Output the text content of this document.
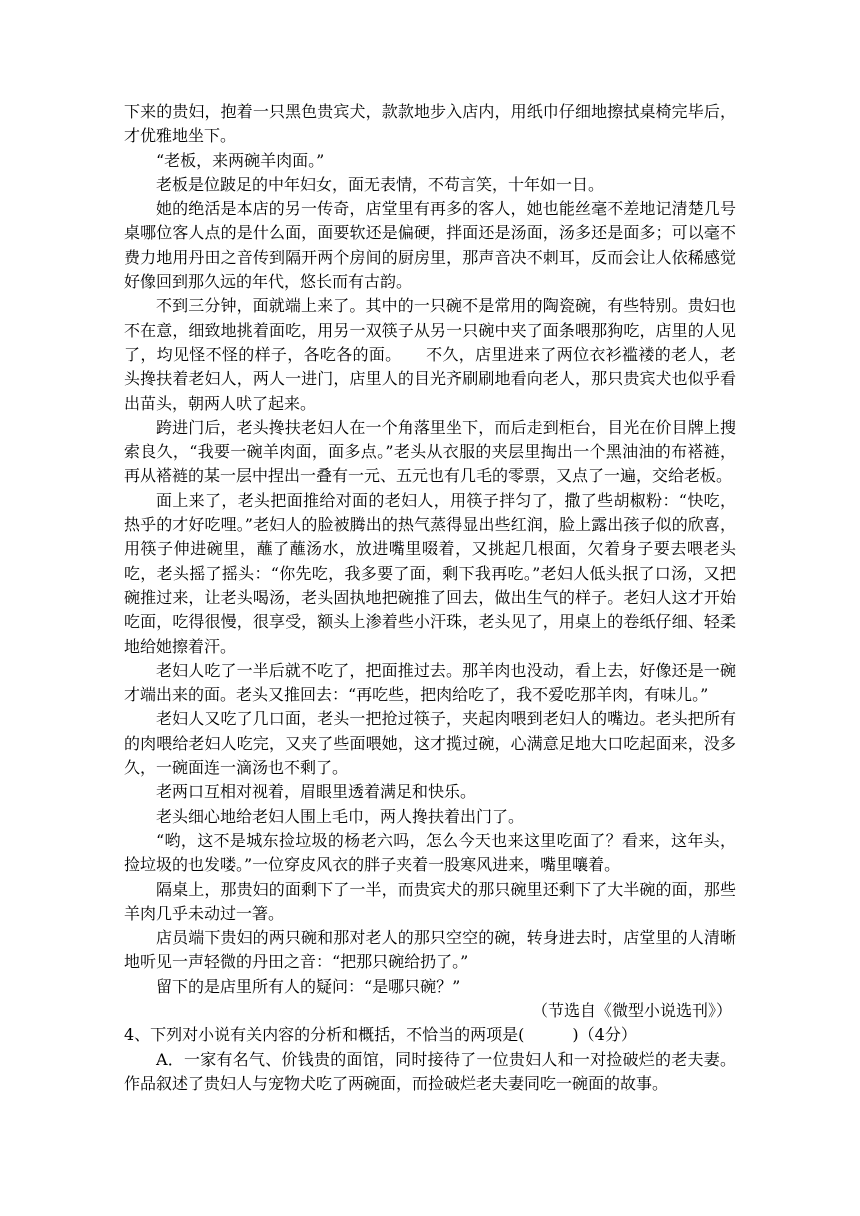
下来的贵妇，抱着一只黑色贵宾犬，款款地步入店内，用纸巾仔细地擦拭桌椅完毕后，才优雅地坐下。

“老板，来两碗羊肉面。”

老板是位跛足的中年妇女，面无表情，不苟言笑，十年如一日。

她的绝活是本店的另一传奇，店堂里有再多的客人，她也能丝毫不差地记清楚几号桌哪位客人点的是什么面，面要软还是偏硬，拌面还是汤面，汤多还是面多；可以毫不费力地用丹田之音传到隔开两个房间的厨房里，那声音决不刺耳，反而会让人依稀感觉好像回到那久远的年代，悠长而有古韵。

不到三分钟，面就端上来了。其中的一只碗不是常用的陶瓷碗，有些特别。贵妇也不在意，细致地挑着面吃，用另一双筷子从另一只碗中夹了面条喂那狗吃，店里的人见了，均见怪不怪的样子，各吃各的面。　　不久，店里进来了两位衣衫褴褛的老人，老头搀扶着老妇人，两人一进门，店里人的目光齐刷刷地看向老人，那只贵宾犬也似乎看出苗头，朝两人吠了起来。

跨进门后，老头搀扶老妇人在一个角落里坐下，而后走到柜台，目光在价目牌上搜索良久，“我要一碗羊肉面，面多点。”老头从衣服的夹层里掏出一个黑油油的布褡裢，再从褡裢的某一层中捏出一叠有一元、五元也有几毛的零票，又点了一遍，交给老板。

面上来了，老头把面推给对面的老妇人，用筷子拌匀了，撒了些胡椒粉：“快吃，热乎的才好吃哩。”老妇人的脸被腾出的热气蒸得显出些红润，脸上露出孩子似的欣喜，用筷子伸进碗里，蘸了蘸汤水，放进嘴里啜着，又挑起几根面，欠着身子要去喂老头吃，老头摇了摇头：“你先吃，我多要了面，剩下我再吃。”老妇人低头抿了口汤，又把碗推过来，让老头喝汤，老头固执地把碗推了回去，做出生气的样子。老妇人这才开始吃面，吃得很慢，很享受，额头上渗着些小汗珠，老头见了，用桌上的卷纸仔细、轻柔地给她擦着汗。

老妇人吃了一半后就不吃了，把面推过去。那羊肉也没动，看上去，好像还是一碗才端出来的面。老头又推回去：“再吃些，把肉给吃了，我不爱吃那羊肉，有味儿。”

老妇人又吃了几口面，老头一把抢过筷子，夹起肉喂到老妇人的嘴边。老头把所有的肉喂给老妇人吃完，又夹了些面喂她，这才揽过碗，心满意足地大口吃起面来，没多久，一碗面连一滴汤也不剩了。

老两口互相对视着，眉眼里透着满足和快乐。

老头细心地给老妇人围上毛巾，两人搀扶着出门了。

“哟，这不是城东捡垃圾的杨老六吗，怎么今天也来这里吃面了？看来，这年头，捡垃圾的也发喽。”一位穿皮风衣的胖子夹着一股寒风进来，嘴里嚷着。

隔桌上，那贵妇的面剩下了一半，而贵宾犬的那只碗里还剩下了大半碗的面，那些羊肉几乎未动过一箸。

店员端下贵妇的两只碗和那对老人的那只空空的碗，转身进去时，店堂里的人清晰地听见一声轻微的丹田之音：“把那只碗给扔了。”

留下的是店里所有人的疑问：“是哪只碗？”

（节选自《微型小说选刊》）

4、下列对小说有关内容的分析和概括，不恰当的两项是(　　　)（4分）

A．一家有名气、价钱贵的面馆，同时接待了一位贵妇人和一对捡破烂的老夫妻。作品叙述了贵妇人与宠物犬吃了两碗面，而捡破烂老夫妻同吃一碗面的故事。
